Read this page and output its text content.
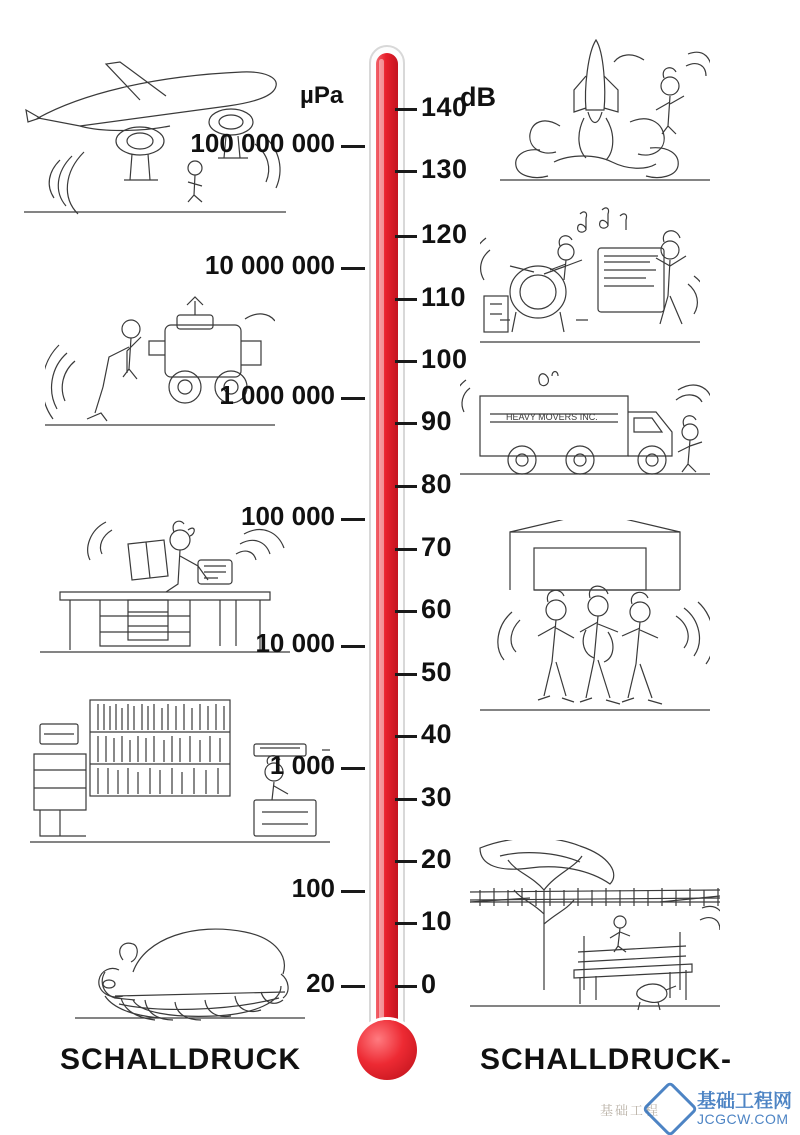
HEAVY MOVERS INC.
dB
140
130
120
110
100
90
80
70
60
50
40
30
20
10
0
µPa
100 000 000
10 000 000
1 000 000
100 000
10 000
1 000
100
20
SCHALLDRUCK	SCHALLDRUCK-
基础工程 基础工程网
JCGCW.COM
